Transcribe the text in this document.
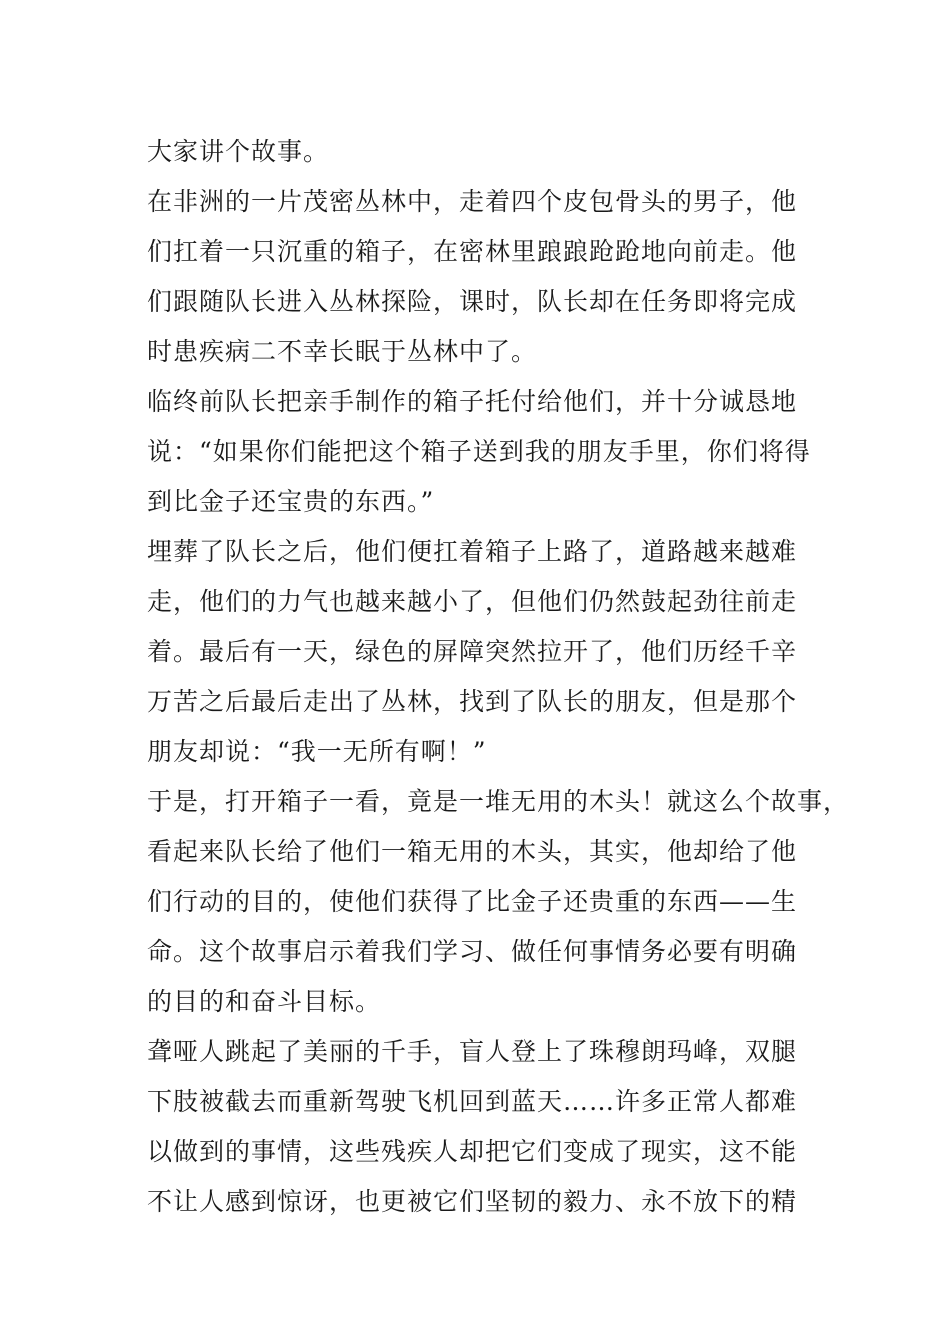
大家讲个故事。
在非洲的一片茂密丛林中，走着四个皮包骨头的男子，他
们扛着一只沉重的箱子，在密林里踉踉跄跄地向前走。他
们跟随队长进入丛林探险，课时，队长却在任务即将完成
时患疾病二不幸长眠于丛林中了。
临终前队长把亲手制作的箱子托付给他们，并十分诚恳地
说：“如果你们能把这个箱子送到我的朋友手里，你们将得
到比金子还宝贵的东西。”
埋葬了队长之后，他们便扛着箱子上路了，道路越来越难
走，他们的力气也越来越小了，但他们仍然鼓起劲往前走
着。最后有一天，绿色的屏障突然拉开了，他们历经千辛
万苦之后最后走出了丛林，找到了队长的朋友，但是那个
朋友却说：“我一无所有啊！”
于是，打开箱子一看，竟是一堆无用的木头！就这么个故事，
看起来队长给了他们一箱无用的木头，其实，他却给了他
们行动的目的，使他们获得了比金子还贵重的东西——生
命。这个故事启示着我们学习、做任何事情务必要有明确
的目的和奋斗目标。
聋哑人跳起了美丽的千手，盲人登上了珠穆朗玛峰，双腿
下肢被截去而重新驾驶飞机回到蓝天……许多正常人都难
以做到的事情，这些残疾人却把它们变成了现实，这不能
不让人感到惊讶，也更被它们坚韧的毅力、永不放下的精
